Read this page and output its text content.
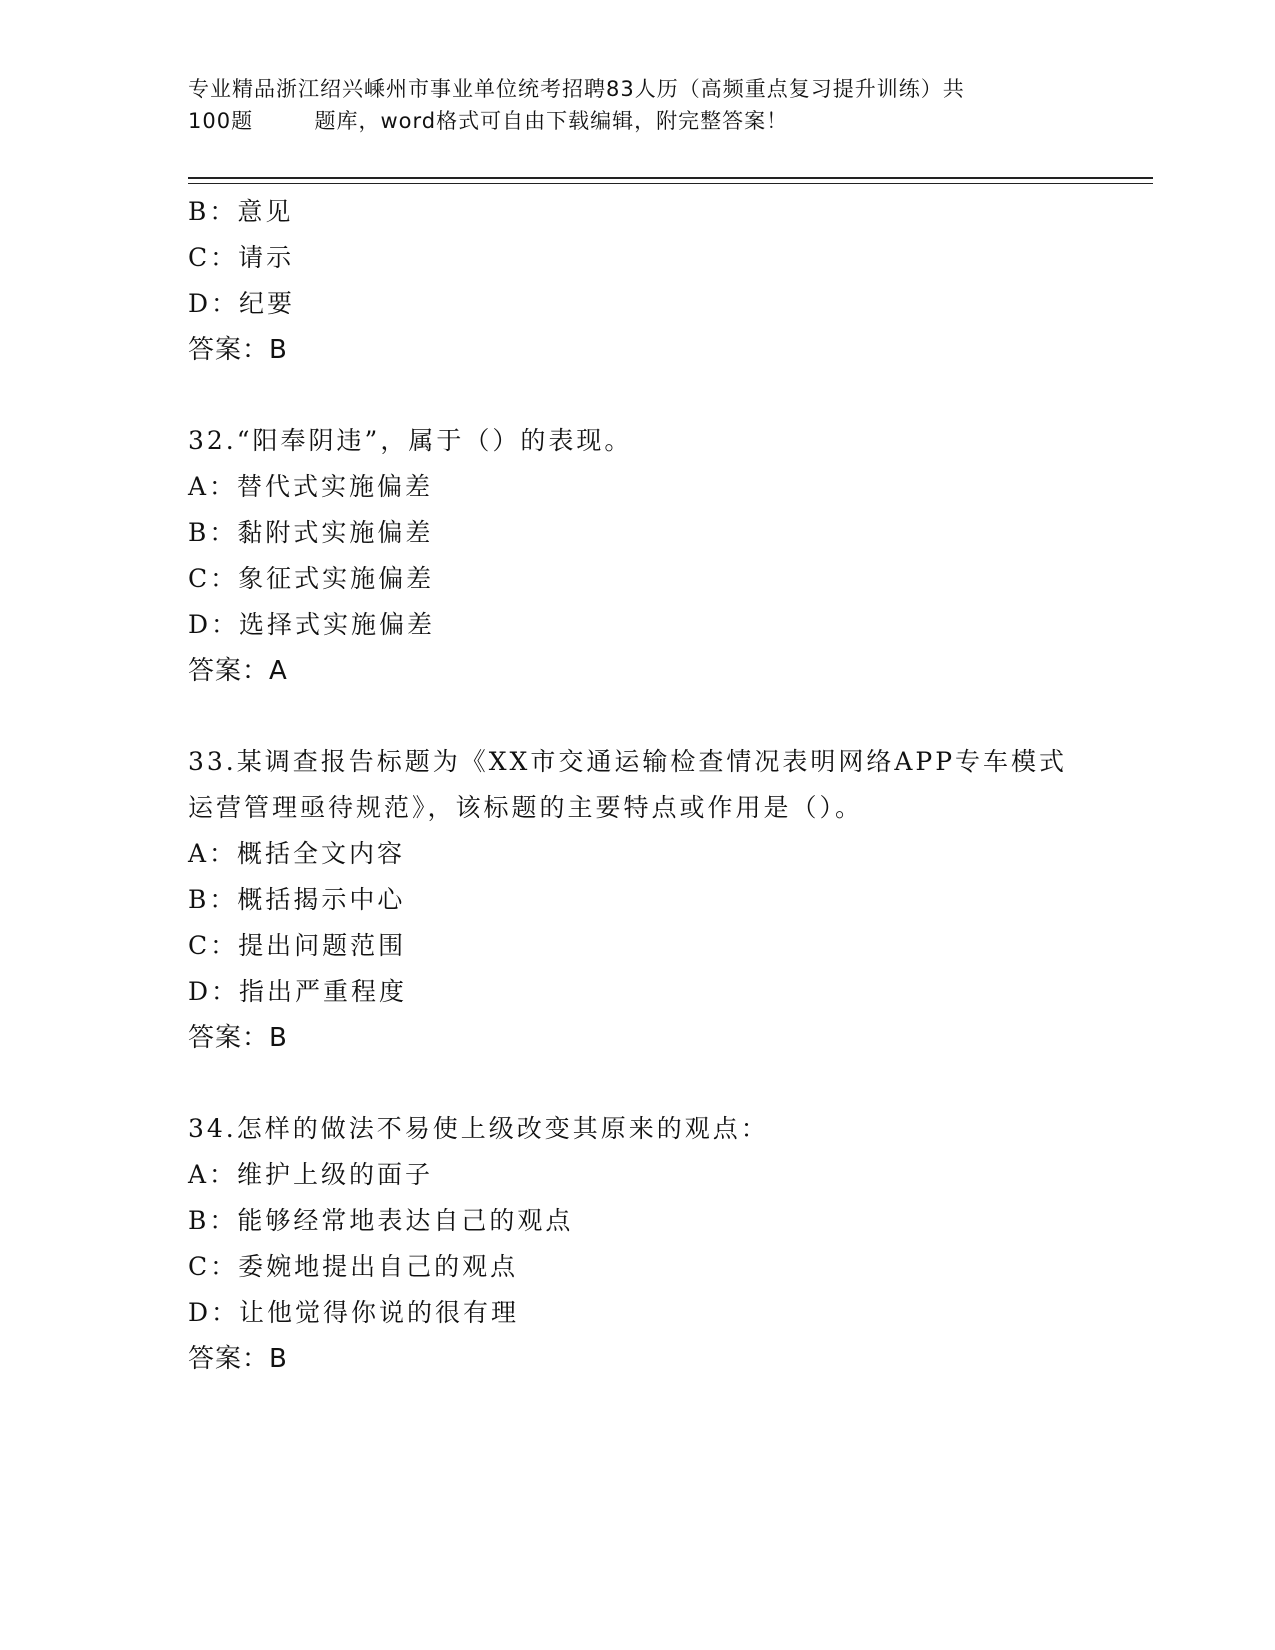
专业精品浙江绍兴嵊州市事业单位统考招聘83人历（高频重点复习提升训练）共
100题        题库，word格式可自由下载编辑，附完整答案！
B：意见
C：请示
D：纪要
答案：B
32.“阳奉阴违”，属于（）的表现。
A：替代式实施偏差
B：黏附式实施偏差
C：象征式实施偏差
D：选择式实施偏差
答案：A
33.某调查报告标题为《XX市交通运输检查情况表明网络APP专车模式
运营管理亟待规范》，该标题的主要特点或作用是（）。
A：概括全文内容
B：概括揭示中心
C：提出问题范围
D：指出严重程度
答案：B
34.怎样的做法不易使上级改变其原来的观点：
A：维护上级的面子
B：能够经常地表达自己的观点
C：委婉地提出自己的观点
D：让他觉得你说的很有理
答案：B
